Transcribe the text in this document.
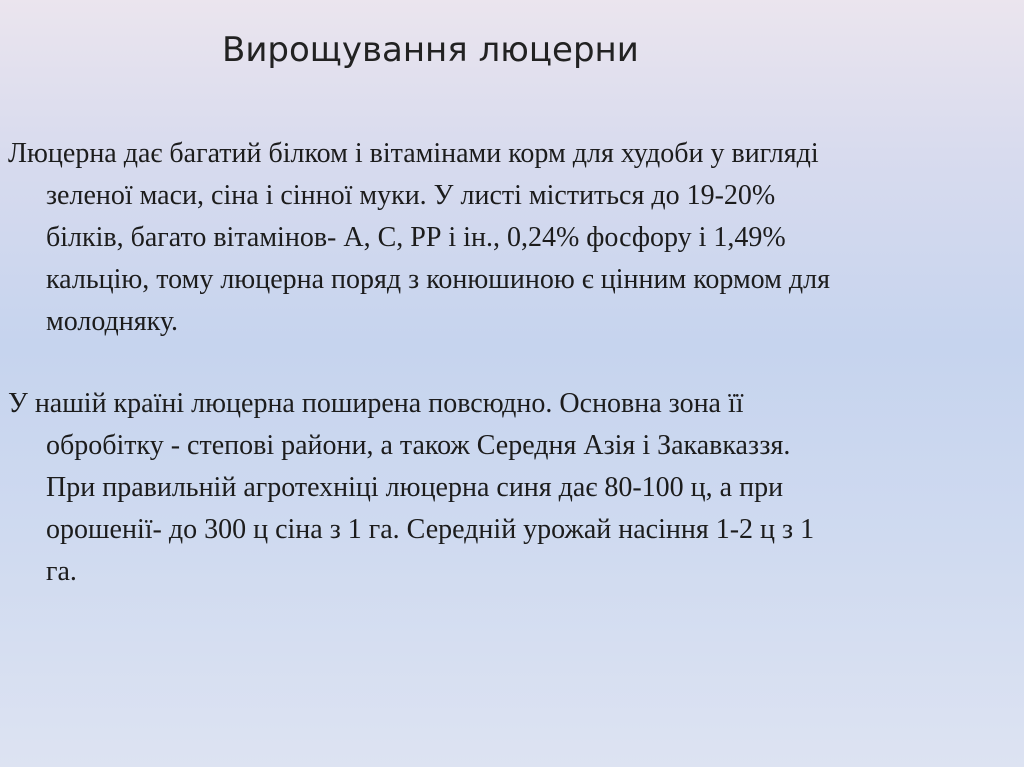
Вирощування люцерни
Люцерна дає багатий білком і вітамінами корм для худоби у вигляді
зеленої маси, сіна і сінної муки. У листі міститься до 19-20%
білків, багато вітамінов- А, С, РР і ін., 0,24% фосфору і 1,49%
кальцію, тому люцерна поряд з конюшиною є цінним кормом для
молодняку.
У нашій країні люцерна поширена повсюдно. Основна зона її
обробітку - степові райони, а також Середня Азія і Закавказзя.
При правильній агротехніці люцерна синя дає 80-100 ц, а при
орошенії- до 300 ц сіна з 1 га. Середній урожай насіння 1-2 ц з 1
га.
